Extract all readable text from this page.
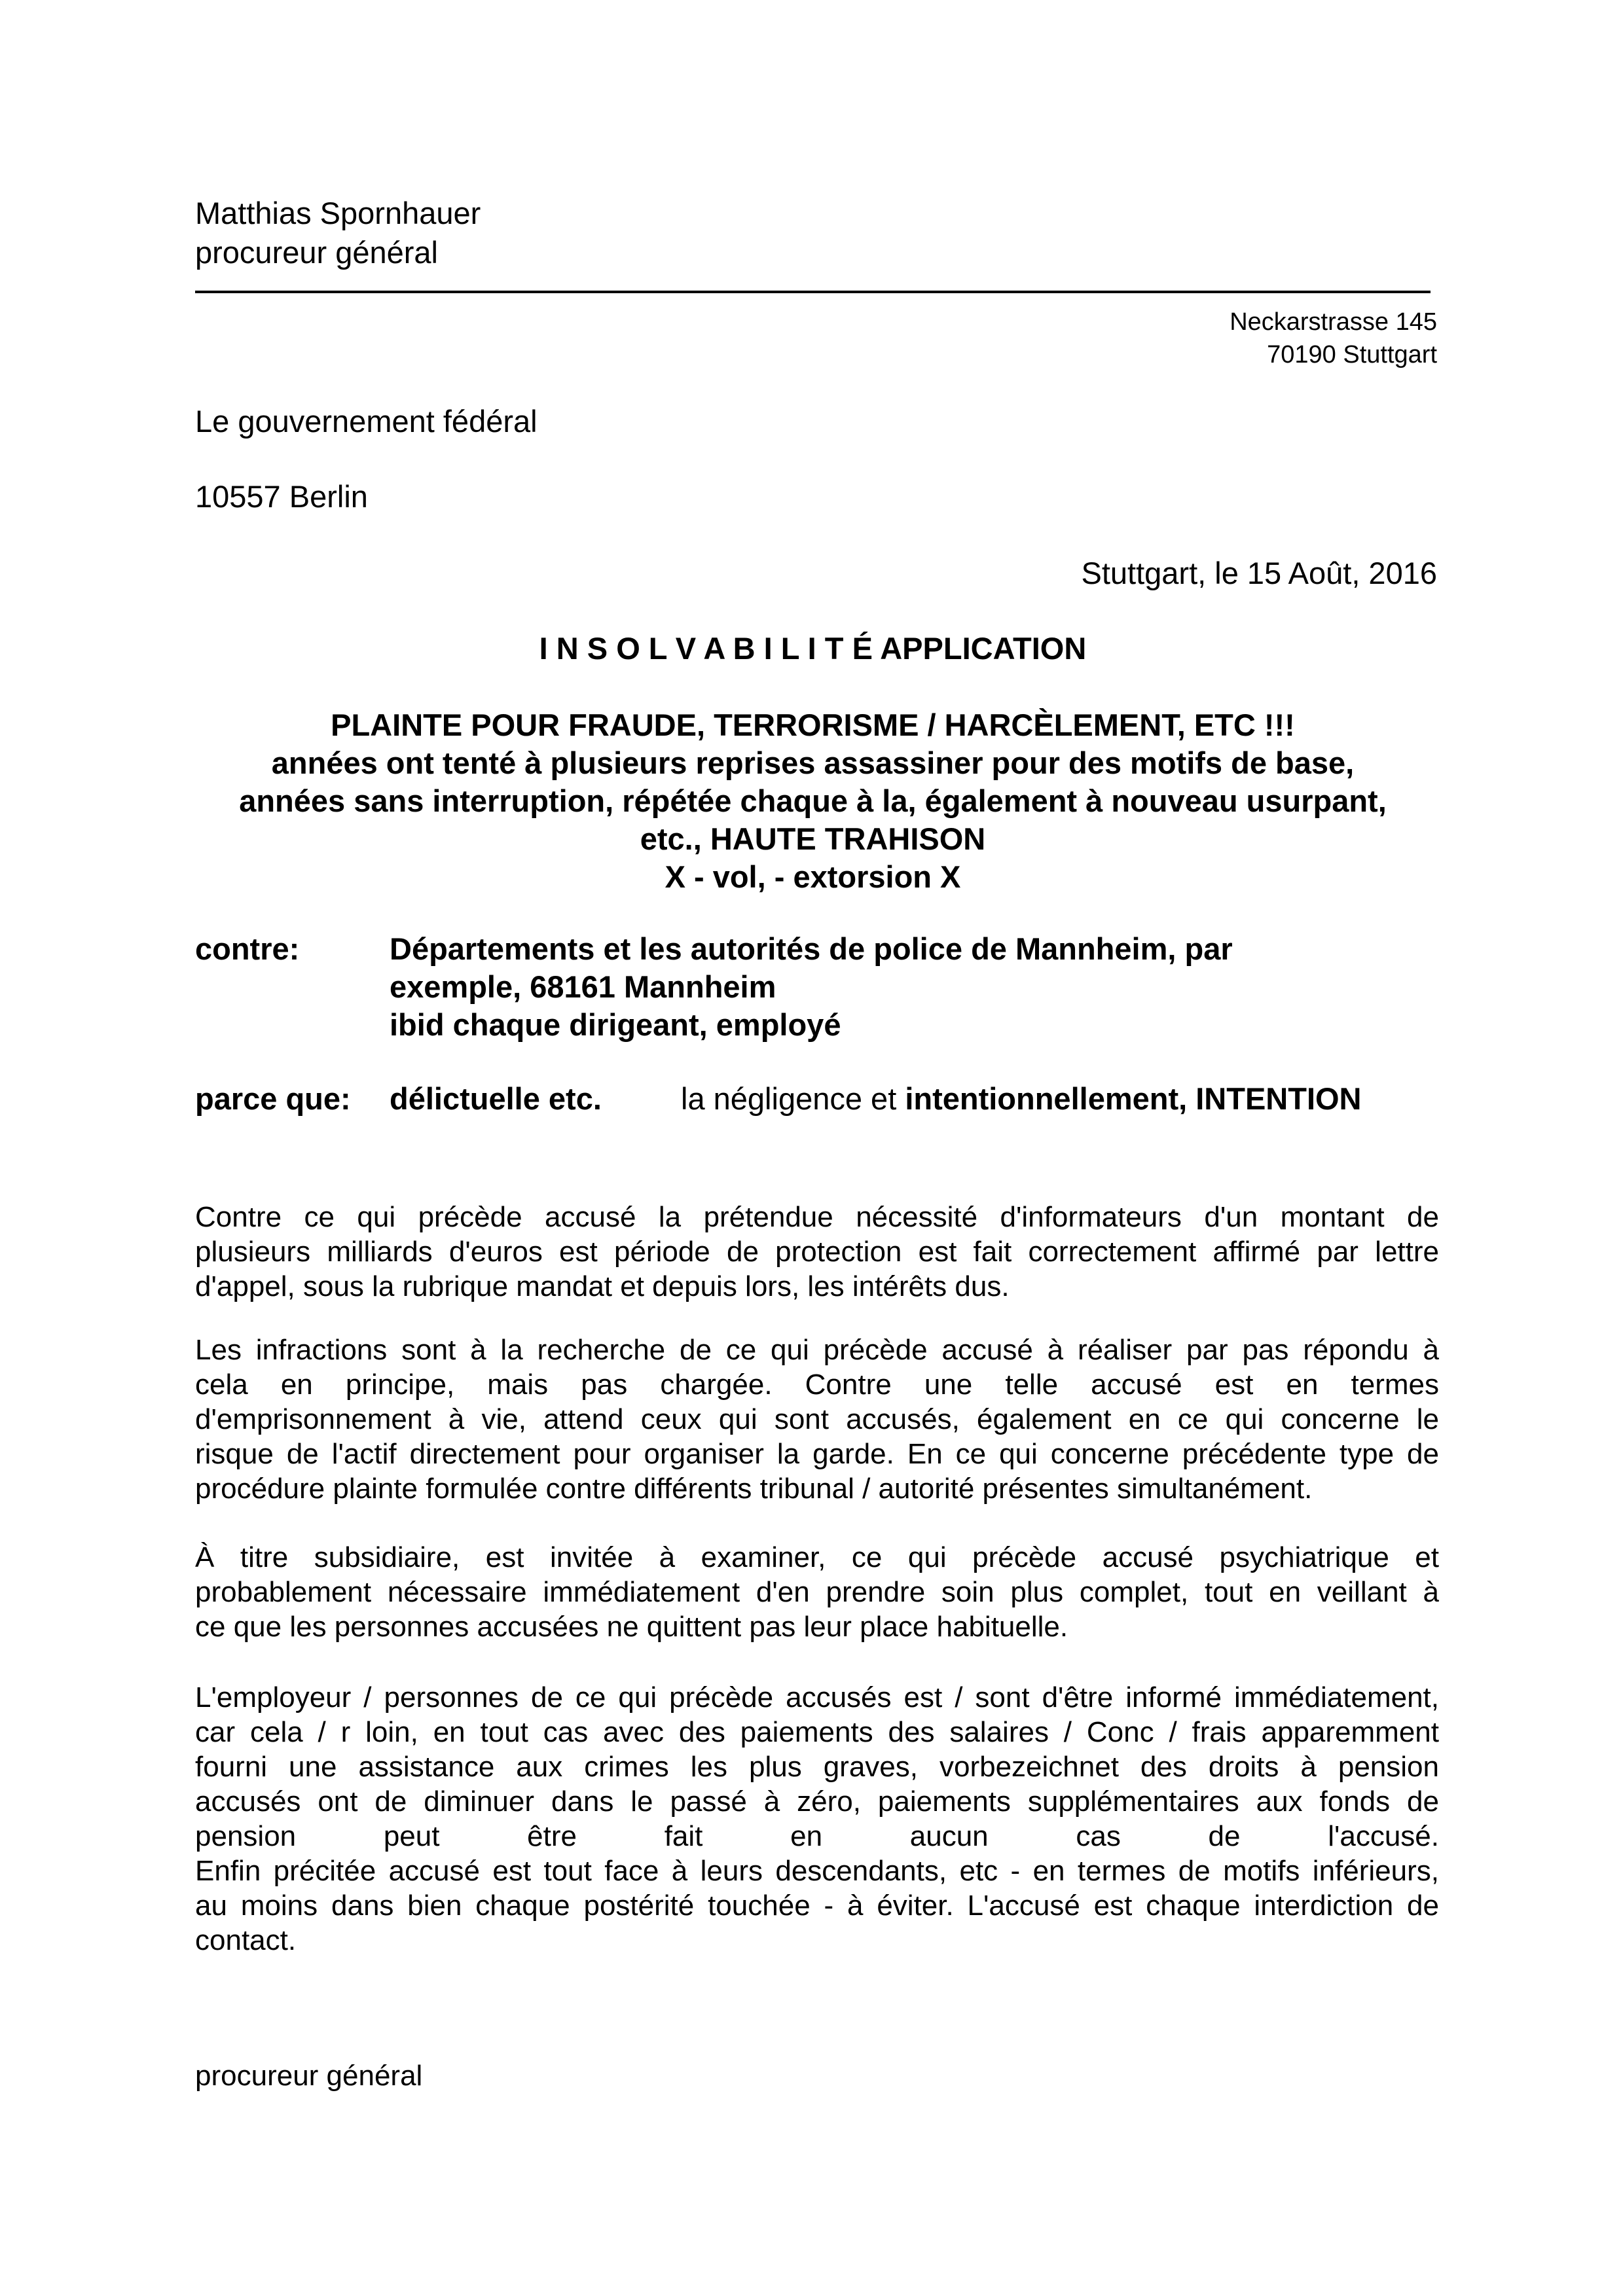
Matthias Spornhauer
procureur général
Neckarstrasse 145
70190 Stuttgart
Le gouvernement fédéral
10557 Berlin
Stuttgart, le 15 Août, 2016
I N S O L V A B I L I T É APPLICATION
PLAINTE POUR FRAUDE, TERRORISME / HARCÈLEMENT, ETC !!!
années ont tenté à plusieurs reprises assassiner pour des motifs de base,
années sans interruption, répétée chaque à la, également à nouveau usurpant,
etc., HAUTE TRAHISON
X - vol, - extorsion X
contre:	Départements et les autorités de police de Mannheim, par
exemple, 68161 Mannheim
ibid chaque dirigeant, employé
parce que: délictuelle etc.	la négligence et intentionnellement, INTENTION
Contre ce qui précède accusé la prétendue nécessité d'informateurs d'un montant de
plusieurs milliards d'euros est période de protection est fait correctement affirmé par lettre
d'appel, sous la rubrique mandat et depuis lors, les intérêts dus.
Les infractions sont à la recherche de ce qui précède accusé à réaliser par pas répondu à
cela en principe, mais pas chargée. Contre une telle accusé est en termes
d'emprisonnement à vie, attend ceux qui sont accusés, également en ce qui concerne le
risque de l'actif directement pour organiser la garde. En ce qui concerne précédente type de
procédure plainte formulée contre différents tribunal / autorité présentes simultanément.
À titre subsidiaire, est invitée à examiner, ce qui précède accusé psychiatrique et
probablement nécessaire immédiatement d'en prendre soin plus complet, tout en veillant à
ce que les personnes accusées ne quittent pas leur place habituelle.
L'employeur / personnes de ce qui précède accusés est / sont d'être informé immédiatement,
car cela / r loin, en tout cas avec des paiements des salaires / Conc / frais apparemment
fourni une assistance aux crimes les plus graves, vorbezeichnet des droits à pension
accusés ont de diminuer dans le passé à zéro, paiements supplémentaires aux fonds de
pension peut être fait en aucun cas de l'accusé.
Enfin précitée accusé est tout face à leurs descendants, etc - en termes de motifs inférieurs,
au moins dans bien chaque postérité touchée - à éviter. L'accusé est chaque interdiction de
contact.
procureur général
